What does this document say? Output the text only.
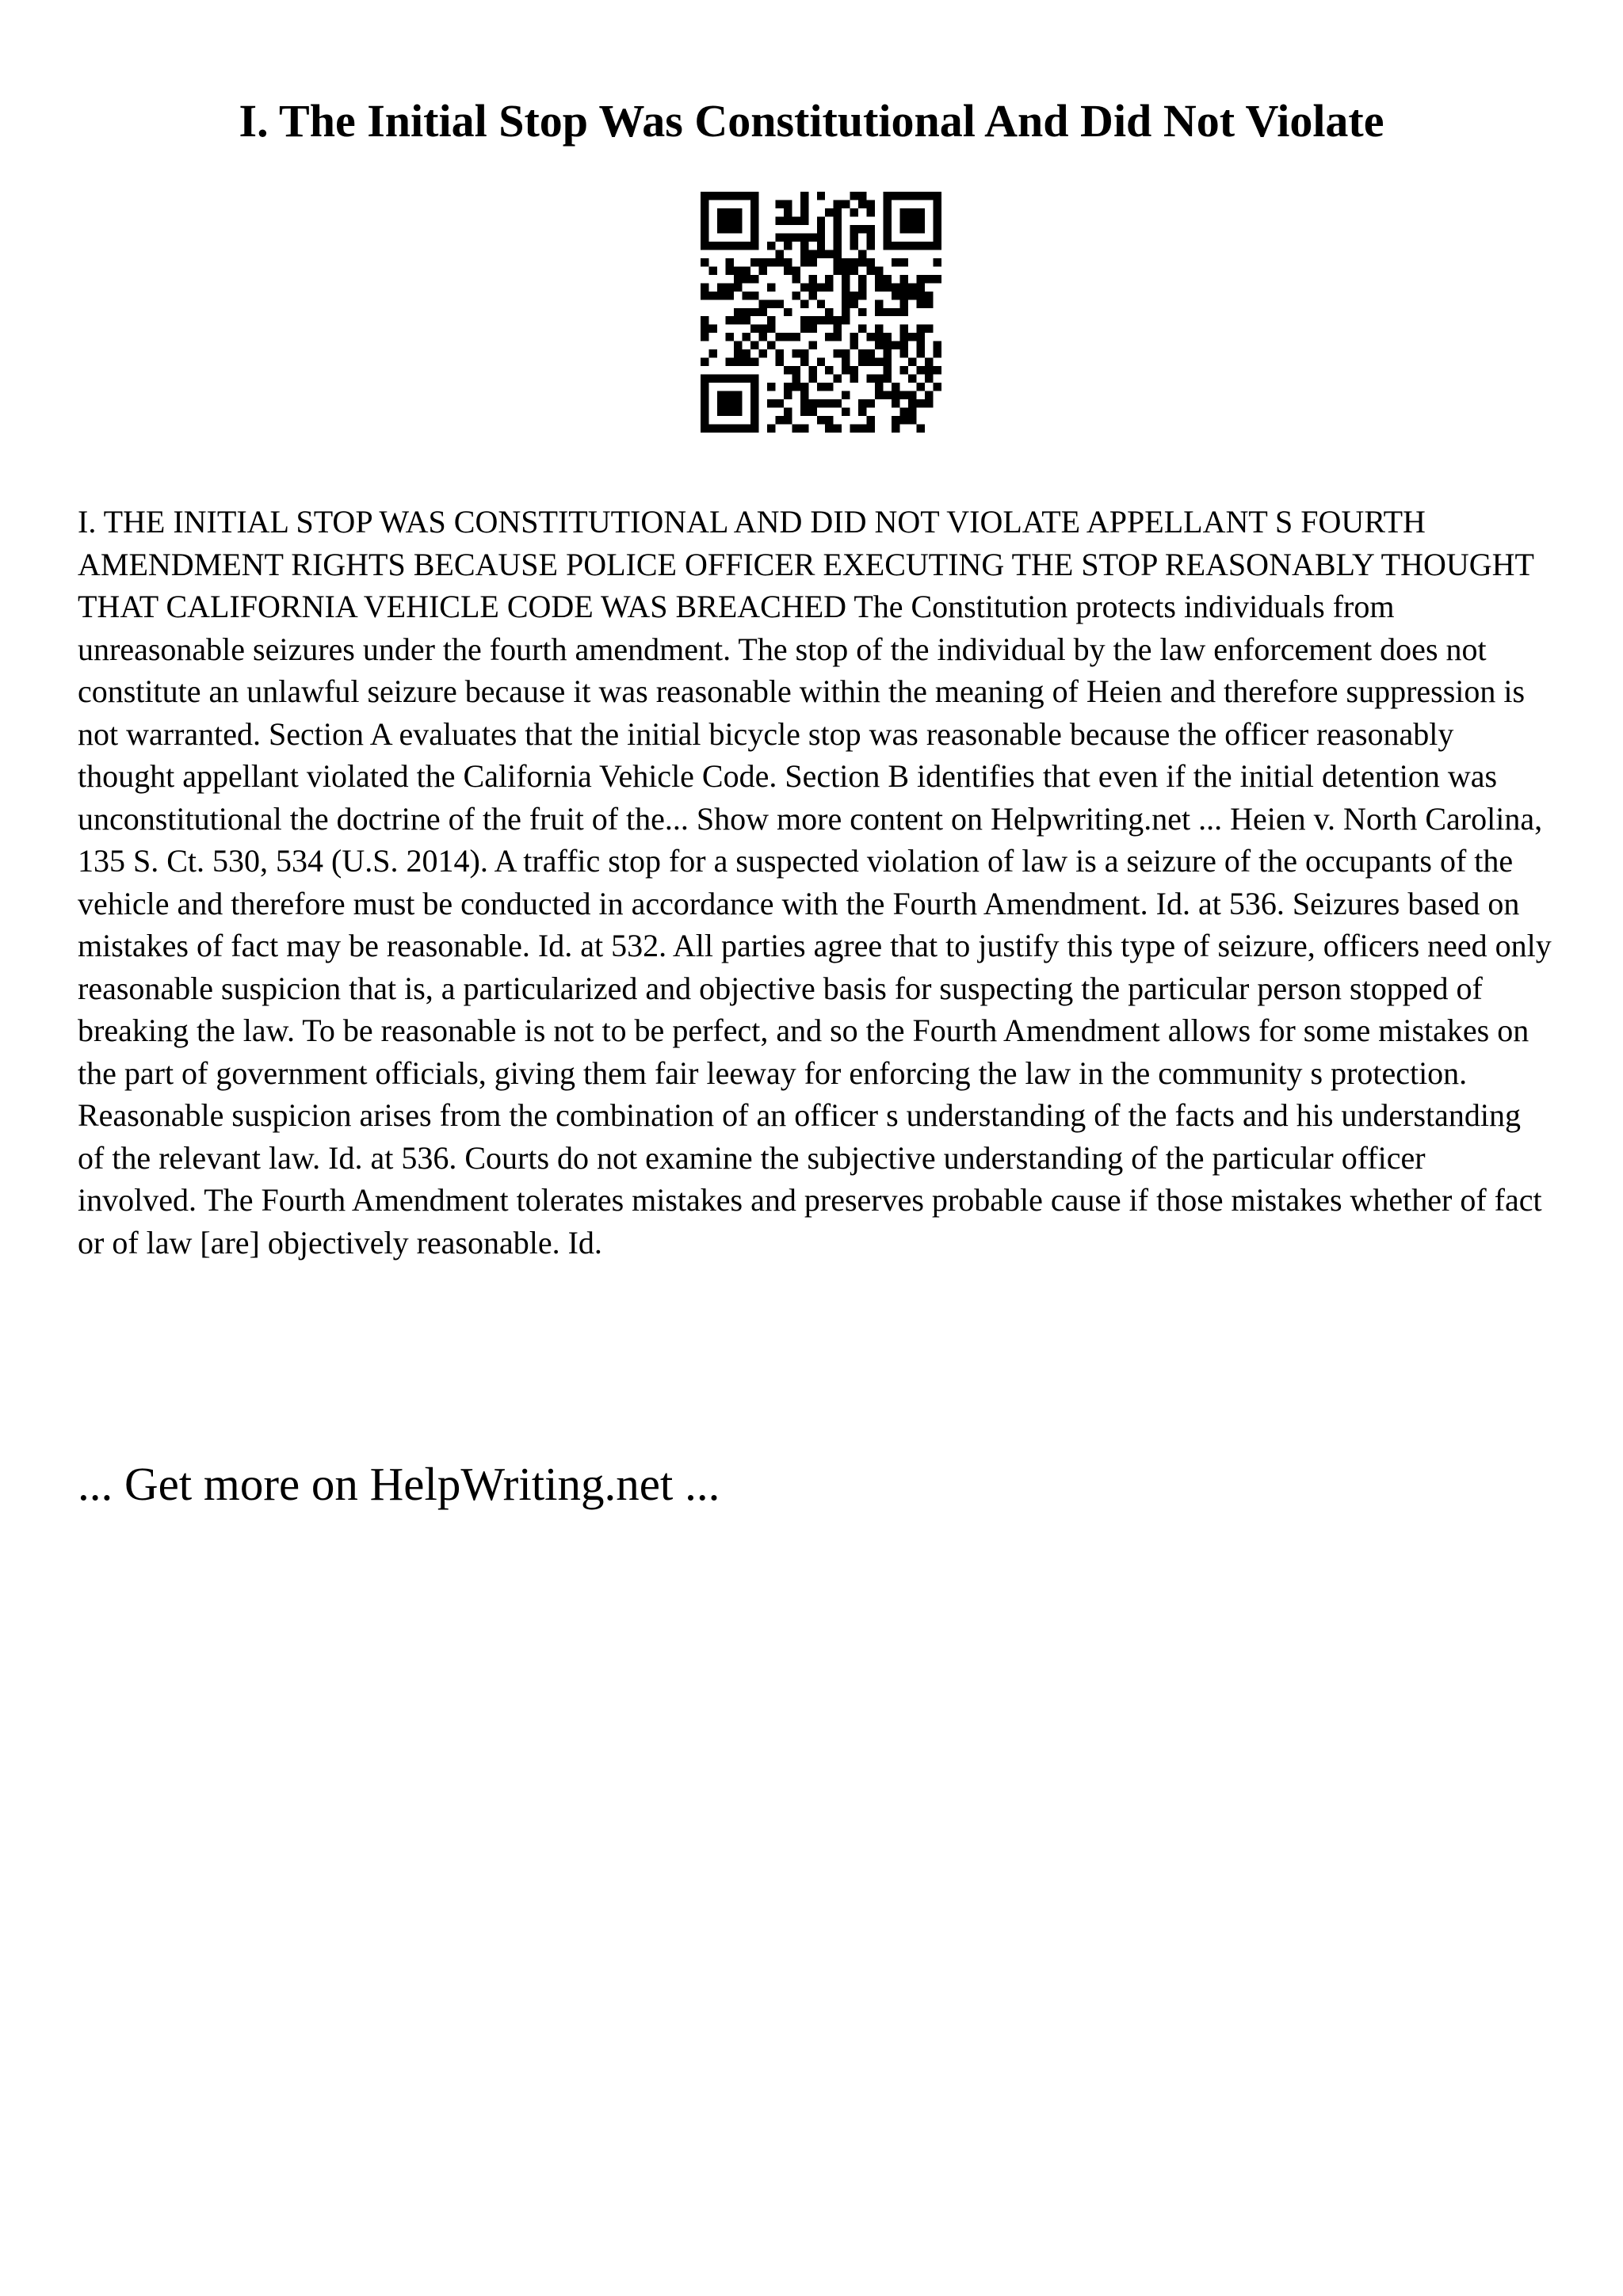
I. The Initial Stop Was Constitutional And Did Not Violate

I. THE INITIAL STOP WAS CONSTITUTIONAL AND DID NOT VIOLATE APPELLANT S FOURTH AMENDMENT RIGHTS BECAUSE POLICE OFFICER EXECUTING THE STOP REASONABLY THOUGHT THAT CALIFORNIA VEHICLE CODE WAS BREACHED The Constitution protects individuals from unreasonable seizures under the fourth amendment. The stop of the individual by the law enforcement does not constitute an unlawful seizure because it was reasonable within the meaning of Heien and therefore suppression is not warranted. Section A evaluates that the initial bicycle stop was reasonable because the officer reasonably thought appellant violated the California Vehicle Code. Section B identifies that even if the initial detention was unconstitutional the doctrine of the fruit of the... Show more content on Helpwriting.net ... Heien v. North Carolina, 135 S. Ct. 530, 534 (U.S. 2014). A traffic stop for a suspected violation of law is a seizure of the occupants of the vehicle and therefore must be conducted in accordance with the Fourth Amendment. Id. at 536. Seizures based on mistakes of fact may be reasonable. Id. at 532. All parties agree that to justify this type of seizure, officers need only reasonable suspicion that is, a particularized and objective basis for suspecting the particular person stopped of breaking the law. To be reasonable is not to be perfect, and so the Fourth Amendment allows for some mistakes on the part of government officials, giving them fair leeway for enforcing the law in the community s protection. Reasonable suspicion arises from the combination of an officer s understanding of the facts and his understanding of the relevant law. Id. at 536. Courts do not examine the subjective understanding of the particular officer involved. The Fourth Amendment tolerates mistakes and preserves probable cause if those mistakes whether of fact or of law [are] objectively reasonable. Id.

... Get more on HelpWriting.net ...
